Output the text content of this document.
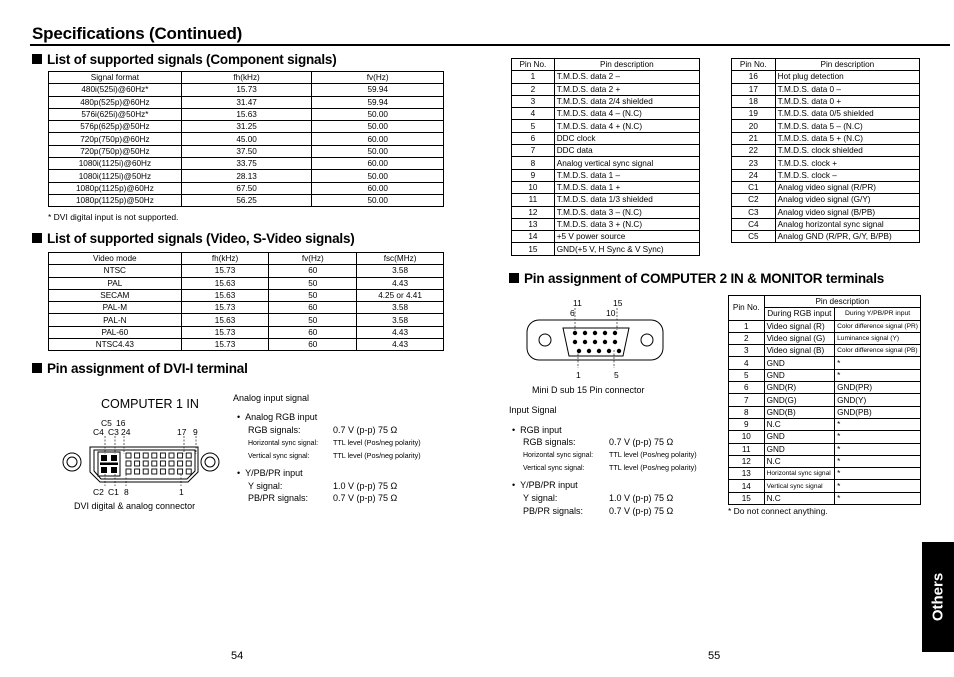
Specifications (Continued)
List of supported signals (Component signals)
Signal format	fh(kHz)	fv(Hz)
480i(525i)@60Hz*	15.73	59.94
480p(525p)@60Hz	31.47	59.94
576i(625i)@50Hz*	15.63	50.00
576p(625p)@50Hz	31.25	50.00
720p(750p)@60Hz	45.00	60.00
720p(750p)@50Hz	37.50	50.00
1080i(1125i)@60Hz	33.75	60.00
1080i(1125i)@50Hz	28.13	50.00
1080p(1125p)@60Hz	67.50	60.00
1080p(1125p)@50Hz	56.25	50.00
* DVI digital input is not supported.
List of supported signals (Video, S-Video signals)
Video mode	fh(kHz)	fv(Hz)	fsc(MHz)
NTSC	15.73	60	3.58
PAL	15.63	50	4.43
SECAM	15.63	50	4.25 or 4.41
PAL-M	15.73	60	3.58
PAL-N	15.63	50	3.58
PAL-60	15.73	60	4.43
NTSC4.43	15.73	60	4.43
Pin assignment of DVI-I terminal
COMPUTER 1 IN
C5 16
C4 C3 24	17 9
C2 C1 8	1
DVI digital & analog connector
Analog input signal
•  Analog RGB input
RGB signals:	0.7 V (p-p) 75 Ω
Horizontal sync signal: TTL level (Pos/neg polarity)
Vertical sync signal:	TTL level (Pos/neg polarity)
•  Y/PB/PR input
Y signal:	1.0 V (p-p) 75 Ω
PB/PR signals:	0.7 V (p-p) 75 Ω
Pin No.	Pin description
1	T.M.D.S. data 2 –
2	T.M.D.S. data 2 +
3	T.M.D.S. data 2/4 shielded
4	T.M.D.S. data 4 – (N.C)
5	T.M.D.S. data 4 + (N.C)
6	DDC clock
7	DDC data
8	Analog vertical sync signal
9	T.M.D.S. data 1 –
10	T.M.D.S. data 1 +
11	T.M.D.S. data 1/3 shielded
12	T.M.D.S. data 3 – (N.C)
13	T.M.D.S. data 3 + (N.C)
14	+5 V power source
15	GND(+5 V, H Sync & V Sync)
Pin No.	Pin description
16	Hot plug detection
17	T.M.D.S. data 0 –
18	T.M.D.S. data 0 +
19	T.M.D.S. data 0/5 shielded
20	T.M.D.S. data 5 – (N.C)
21	T.M.D.S. data 5 + (N.C)
22	T.M.D.S. clock shielded
23	T.M.D.S. clock +
24	T.M.D.S. clock –
C1	Analog video signal (R/PR)
C2	Analog video signal (G/Y)
C3	Analog video signal (B/PB)
C4	Analog horizontal sync signal
C5	Analog GND (R/PR, G/Y, B/PB)
Pin assignment of COMPUTER 2 IN & MONITOR terminals
11	15
6	10
1	5
Mini D sub 15 Pin connector
Input Signal
•  RGB input
RGB signals:	0.7 V (p-p) 75 Ω
Horizontal sync signal: TTL level (Pos/neg polarity)
Vertical sync signal:	TTL level (Pos/neg polarity)
•  Y/PB/PR input
Y signal:	1.0 V (p-p) 75 Ω
PB/PR signals:	0.7 V (p-p) 75 Ω
Pin No.	Pin description	
	During RGB input	During Y/PB/PR input
1	Video signal (R)	Color difference signal (PR)
2	Video signal (G)	Luminance signal (Y)
3	Video signal (B)	Color difference signal (PB)
4	GND	*
5	GND	*
6	GND(R)	GND(PR)
7	GND(G)	GND(Y)
8	GND(B)	GND(PB)
9	N.C	*
10	GND	*
11	GND	*
12	N.C	*
13	Horizontal sync signal	*
14	Vertical sync signal	*
15	N.C	*
* Do not connect anything.
Others
54	55
